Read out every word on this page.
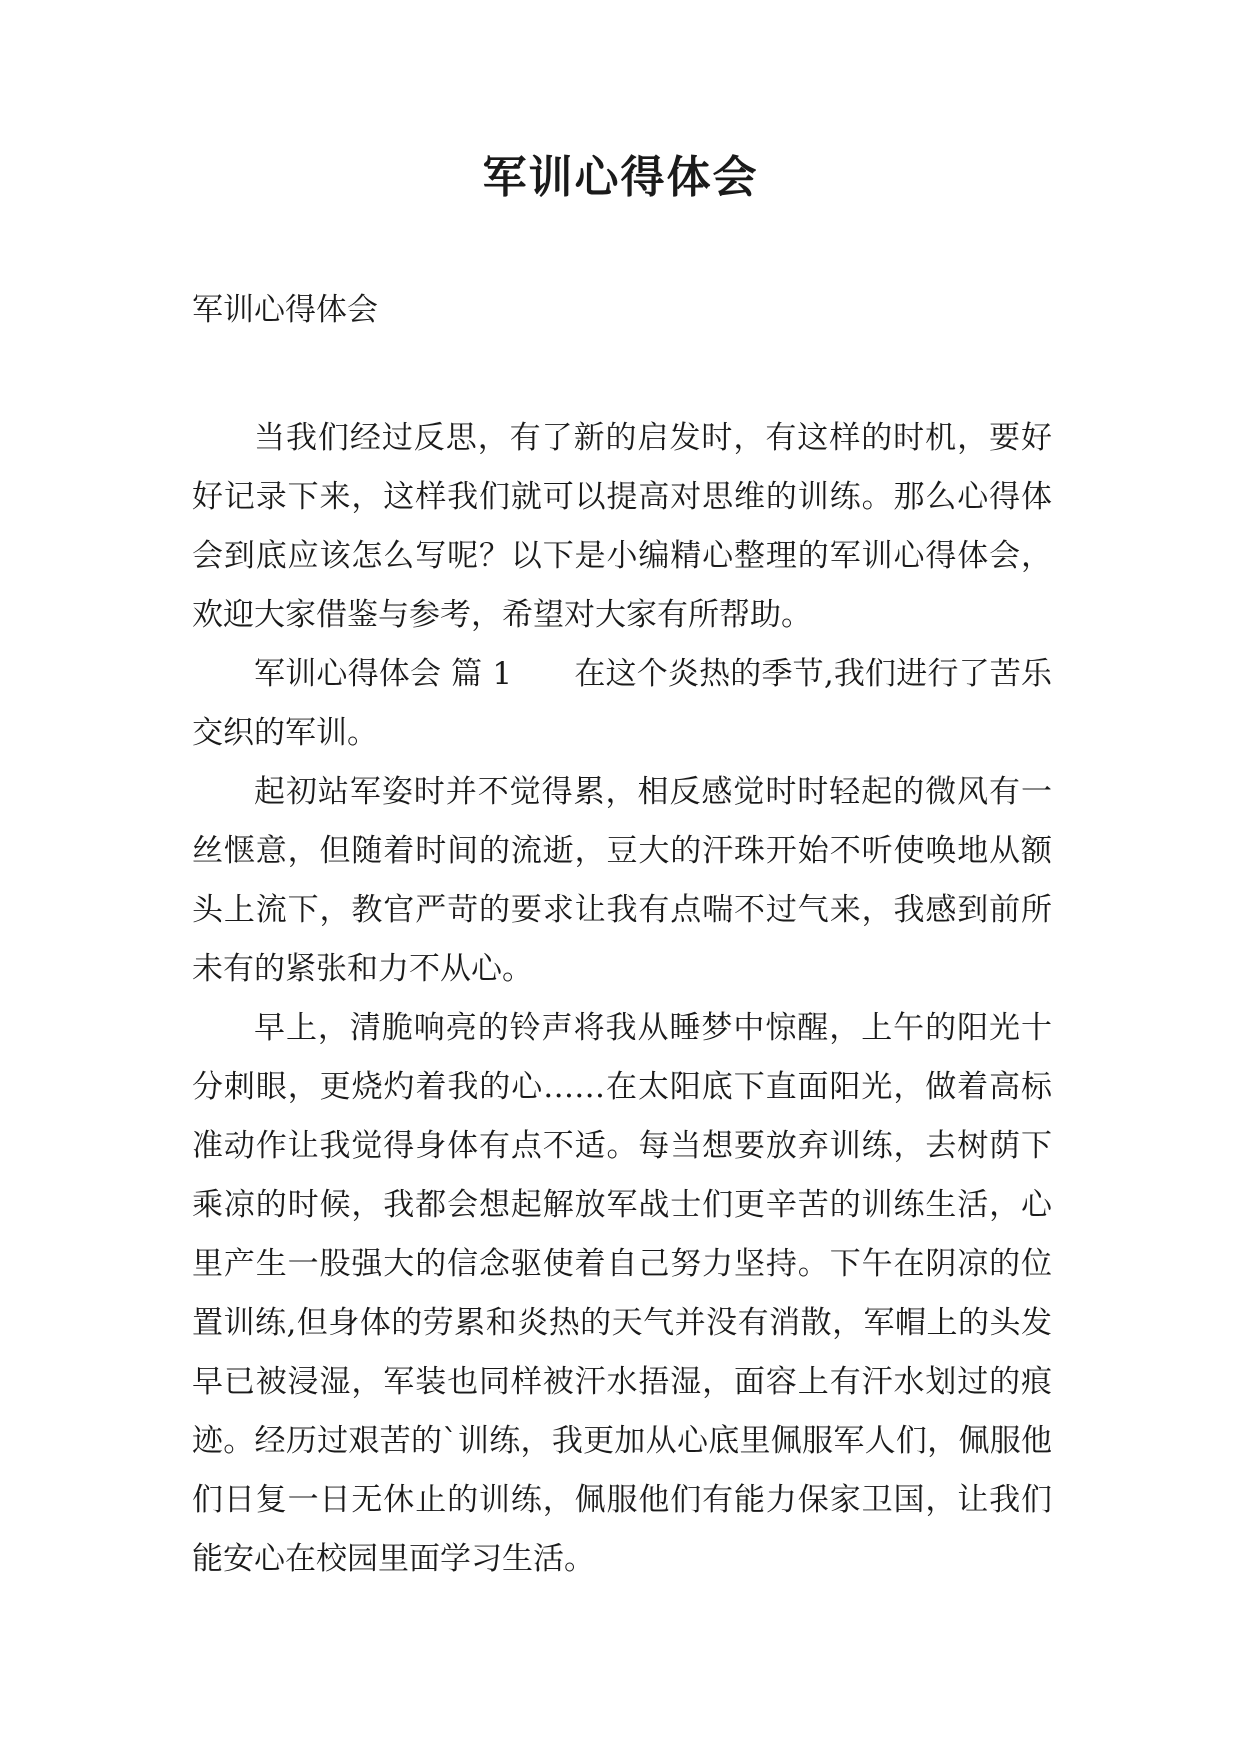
军训心得体会
军训心得体会

当我们经过反思，有了新的启发时，有这样的时机，要好好记录下来，这样我们就可以提高对思维的训练。那么心得体会到底应该怎么写呢？以下是小编精心整理的军训心得体会，欢迎大家借鉴与参考，希望对大家有所帮助。

军训心得体会 篇 1 在这个炎热的季节,我们进行了苦乐交织的军训。

起初站军姿时并不觉得累，相反感觉时时轻起的微风有一丝惬意，但随着时间的流逝，豆大的汗珠开始不听使唤地从额头上流下，教官严苛的要求让我有点喘不过气来，我感到前所未有的紧张和力不从心。

早上，清脆响亮的铃声将我从睡梦中惊醒，上午的阳光十分刺眼，更烧灼着我的心……在太阳底下直面阳光，做着高标准动作让我觉得身体有点不适。每当想要放弃训练，去树荫下乘凉的时候，我都会想起解放军战士们更辛苦的训练生活，心里产生一股强大的信念驱使着自己努力坚持。下午在阴凉的位置训练,但身体的劳累和炎热的天气并没有消散，军帽上的头发早已被浸湿，军装也同样被汗水捂湿，面容上有汗水划过的痕迹。经历过艰苦的`训练，我更加从心底里佩服军人们，佩服他们日复一日无休止的训练，佩服他们有能力保家卫国，让我们能安心在校园里面学习生活。
